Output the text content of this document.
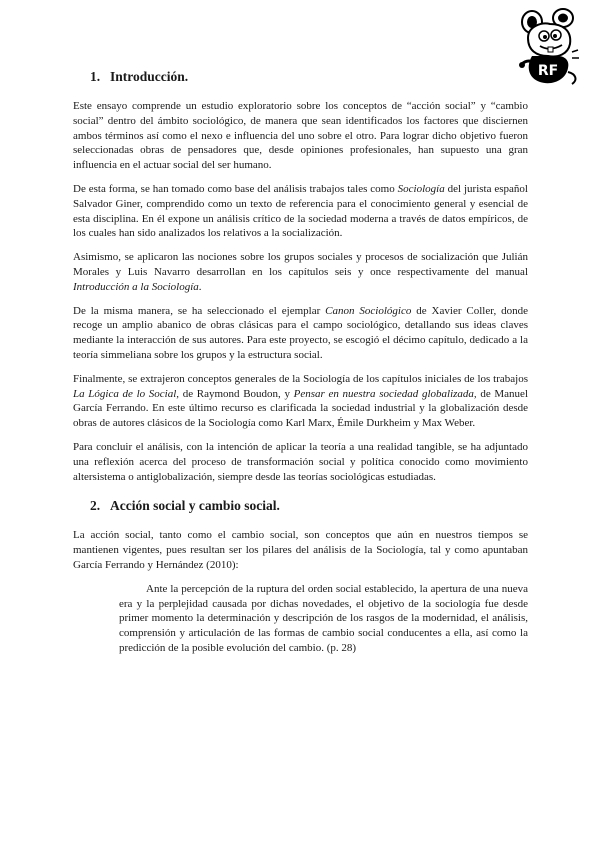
RF
1. Introducción.

Este ensayo comprende un estudio exploratorio sobre los conceptos de “acción social” y “cambio social” dentro del ámbito sociológico, de manera que sean identificados los factores que disciernen ambos términos así como el nexo e influencia del uno sobre el otro. Para lograr dicho objetivo fueron seleccionadas obras de pensadores que, desde opiniones profesionales, han supuesto una gran influencia en el actuar social del ser humano.

De esta forma, se han tomado como base del análisis trabajos tales como Sociología del jurista español Salvador Giner, comprendido como un texto de referencia para el conocimiento general y esencial de esta disciplina. En él expone un análisis crítico de la sociedad moderna a través de datos empíricos, de los cuales han sido analizados los relativos a la socialización.

Asimismo, se aplicaron las nociones sobre los grupos sociales y procesos de socialización que Julián Morales y Luis Navarro desarrollan en los capítulos seis y once respectivamente del manual Introducción a la Sociología.

De la misma manera, se ha seleccionado el ejemplar Canon Sociológico de Xavier Coller, donde recoge un amplio abanico de obras clásicas para el campo sociológico, detallando sus ideas claves mediante la interacción de sus autores. Para este proyecto, se escogió el décimo capítulo, dedicado a la teoría simmeliana sobre los grupos y la estructura social.

Finalmente, se extrajeron conceptos generales de la Sociología de los capítulos iniciales de los trabajos La Lógica de lo Social, de Raymond Boudon, y Pensar en nuestra sociedad globalizada, de Manuel García Ferrando. En este último recurso es clarificada la sociedad industrial y la globalización desde obras de autores clásicos de la Sociología como Karl Marx, Émile Durkheim y Max Weber.

Para concluir el análisis, con la intención de aplicar la teoría a una realidad tangible, se ha adjuntado una reflexión acerca del proceso de transformación social y política conocido como movimiento altersistema o antiglobalización, siempre desde las teorías sociológicas estudiadas.

2. Acción social y cambio social.

La acción social, tanto como el cambio social, son conceptos que aún en nuestros tiempos se mantienen vigentes, pues resultan ser los pilares del análisis de la Sociología, tal y como apuntaban García Ferrando y Hernández (2010):

Ante la percepción de la ruptura del orden social establecido, la apertura de una nueva era y la perplejidad causada por dichas novedades, el objetivo de la sociología fue desde primer momento la determinación y descripción de los rasgos de la modernidad, el análisis, comprensión y articulación de las formas de cambio social conducentes a ella, así como la predicción de la posible evolución del cambio. (p. 28)
